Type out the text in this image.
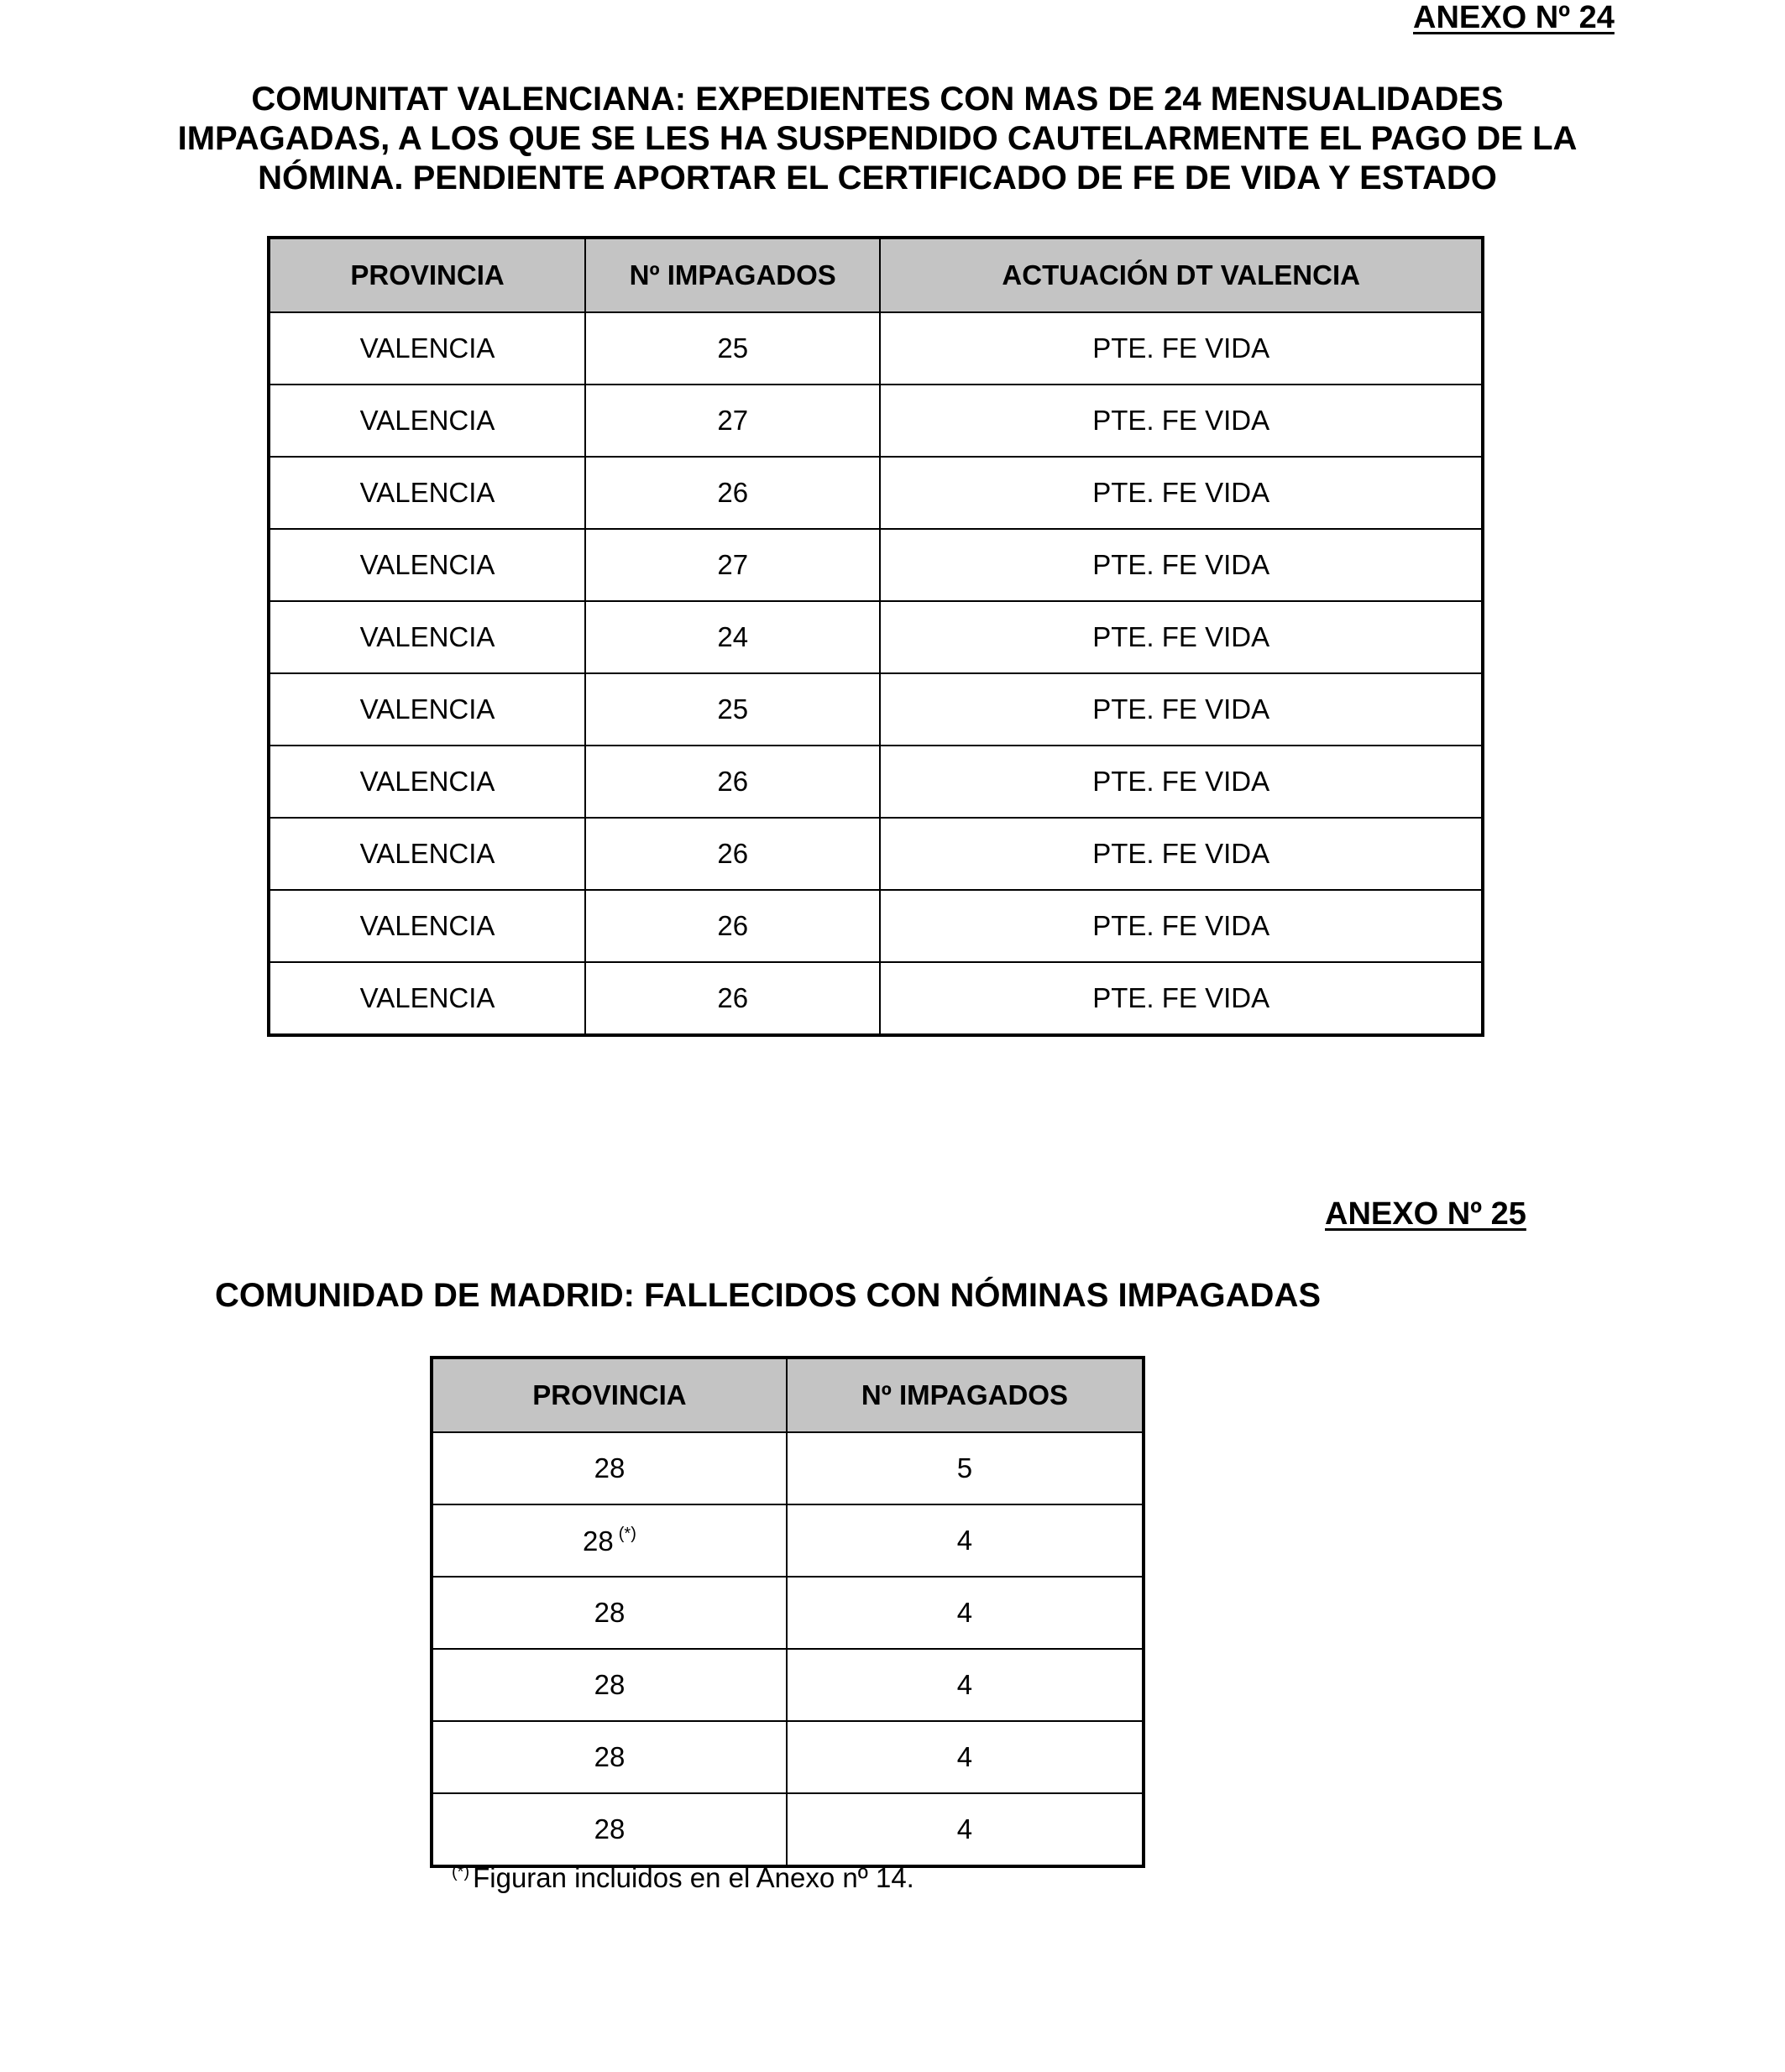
ANEXO Nº 24
COMUNITAT VALENCIANA: EXPEDIENTES CON MAS DE 24 MENSUALIDADES
IMPAGADAS, A LOS QUE SE LES HA SUSPENDIDO CAUTELARMENTE EL PAGO DE LA
NÓMINA. PENDIENTE APORTAR EL CERTIFICADO DE FE DE VIDA Y ESTADO
PROVINCIA	Nº IMPAGADOS	ACTUACIÓN DT VALENCIA
VALENCIA	25	PTE. FE VIDA
VALENCIA	27	PTE. FE VIDA
VALENCIA	26	PTE. FE VIDA
VALENCIA	27	PTE. FE VIDA
VALENCIA	24	PTE. FE VIDA
VALENCIA	25	PTE. FE VIDA
VALENCIA	26	PTE. FE VIDA
VALENCIA	26	PTE. FE VIDA
VALENCIA	26	PTE. FE VIDA
VALENCIA	26	PTE. FE VIDA
ANEXO Nº 25
COMUNIDAD DE MADRID: FALLECIDOS CON NÓMINAS IMPAGADAS
PROVINCIA	Nº IMPAGADOS
28	5
28 (*)	4
28	4
28	4
28	4
28	4
(*) Figuran incluidos en el Anexo nº 14.
